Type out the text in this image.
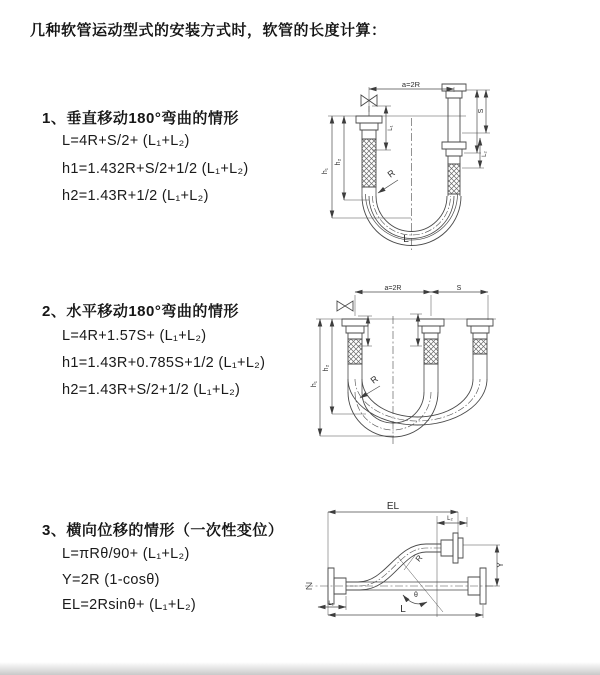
几种软管运动型式的安装方式时，软管的长度计算：
1、垂直移动180°弯曲的情形
L=4R+S/2+ (L₁+L₂)
h1=1.432R+S/2+1/2 (L₁+L₂)
h2=1.43R+1/2 (L₁+L₂)
2、水平移动180°弯曲的情形
L=4R+1.57S+ (L₁+L₂)
h1=1.43R+0.785S+1/2 (L₁+L₂)
h2=1.43R+S/2+1/2 (L₁+L₂)
3、横向位移的情形（一次性变位）
L=πRθ/90+ (L₁+L₂)
Y=2R (1-cosθ)
EL=2Rsinθ+ (L₁+L₂)
a=2R
h₁
h₂
L₁
S
L₂
R
L
a=2R	S
h₁
h₂
R
EL
L₂
Y
R
θ
L
L₁
